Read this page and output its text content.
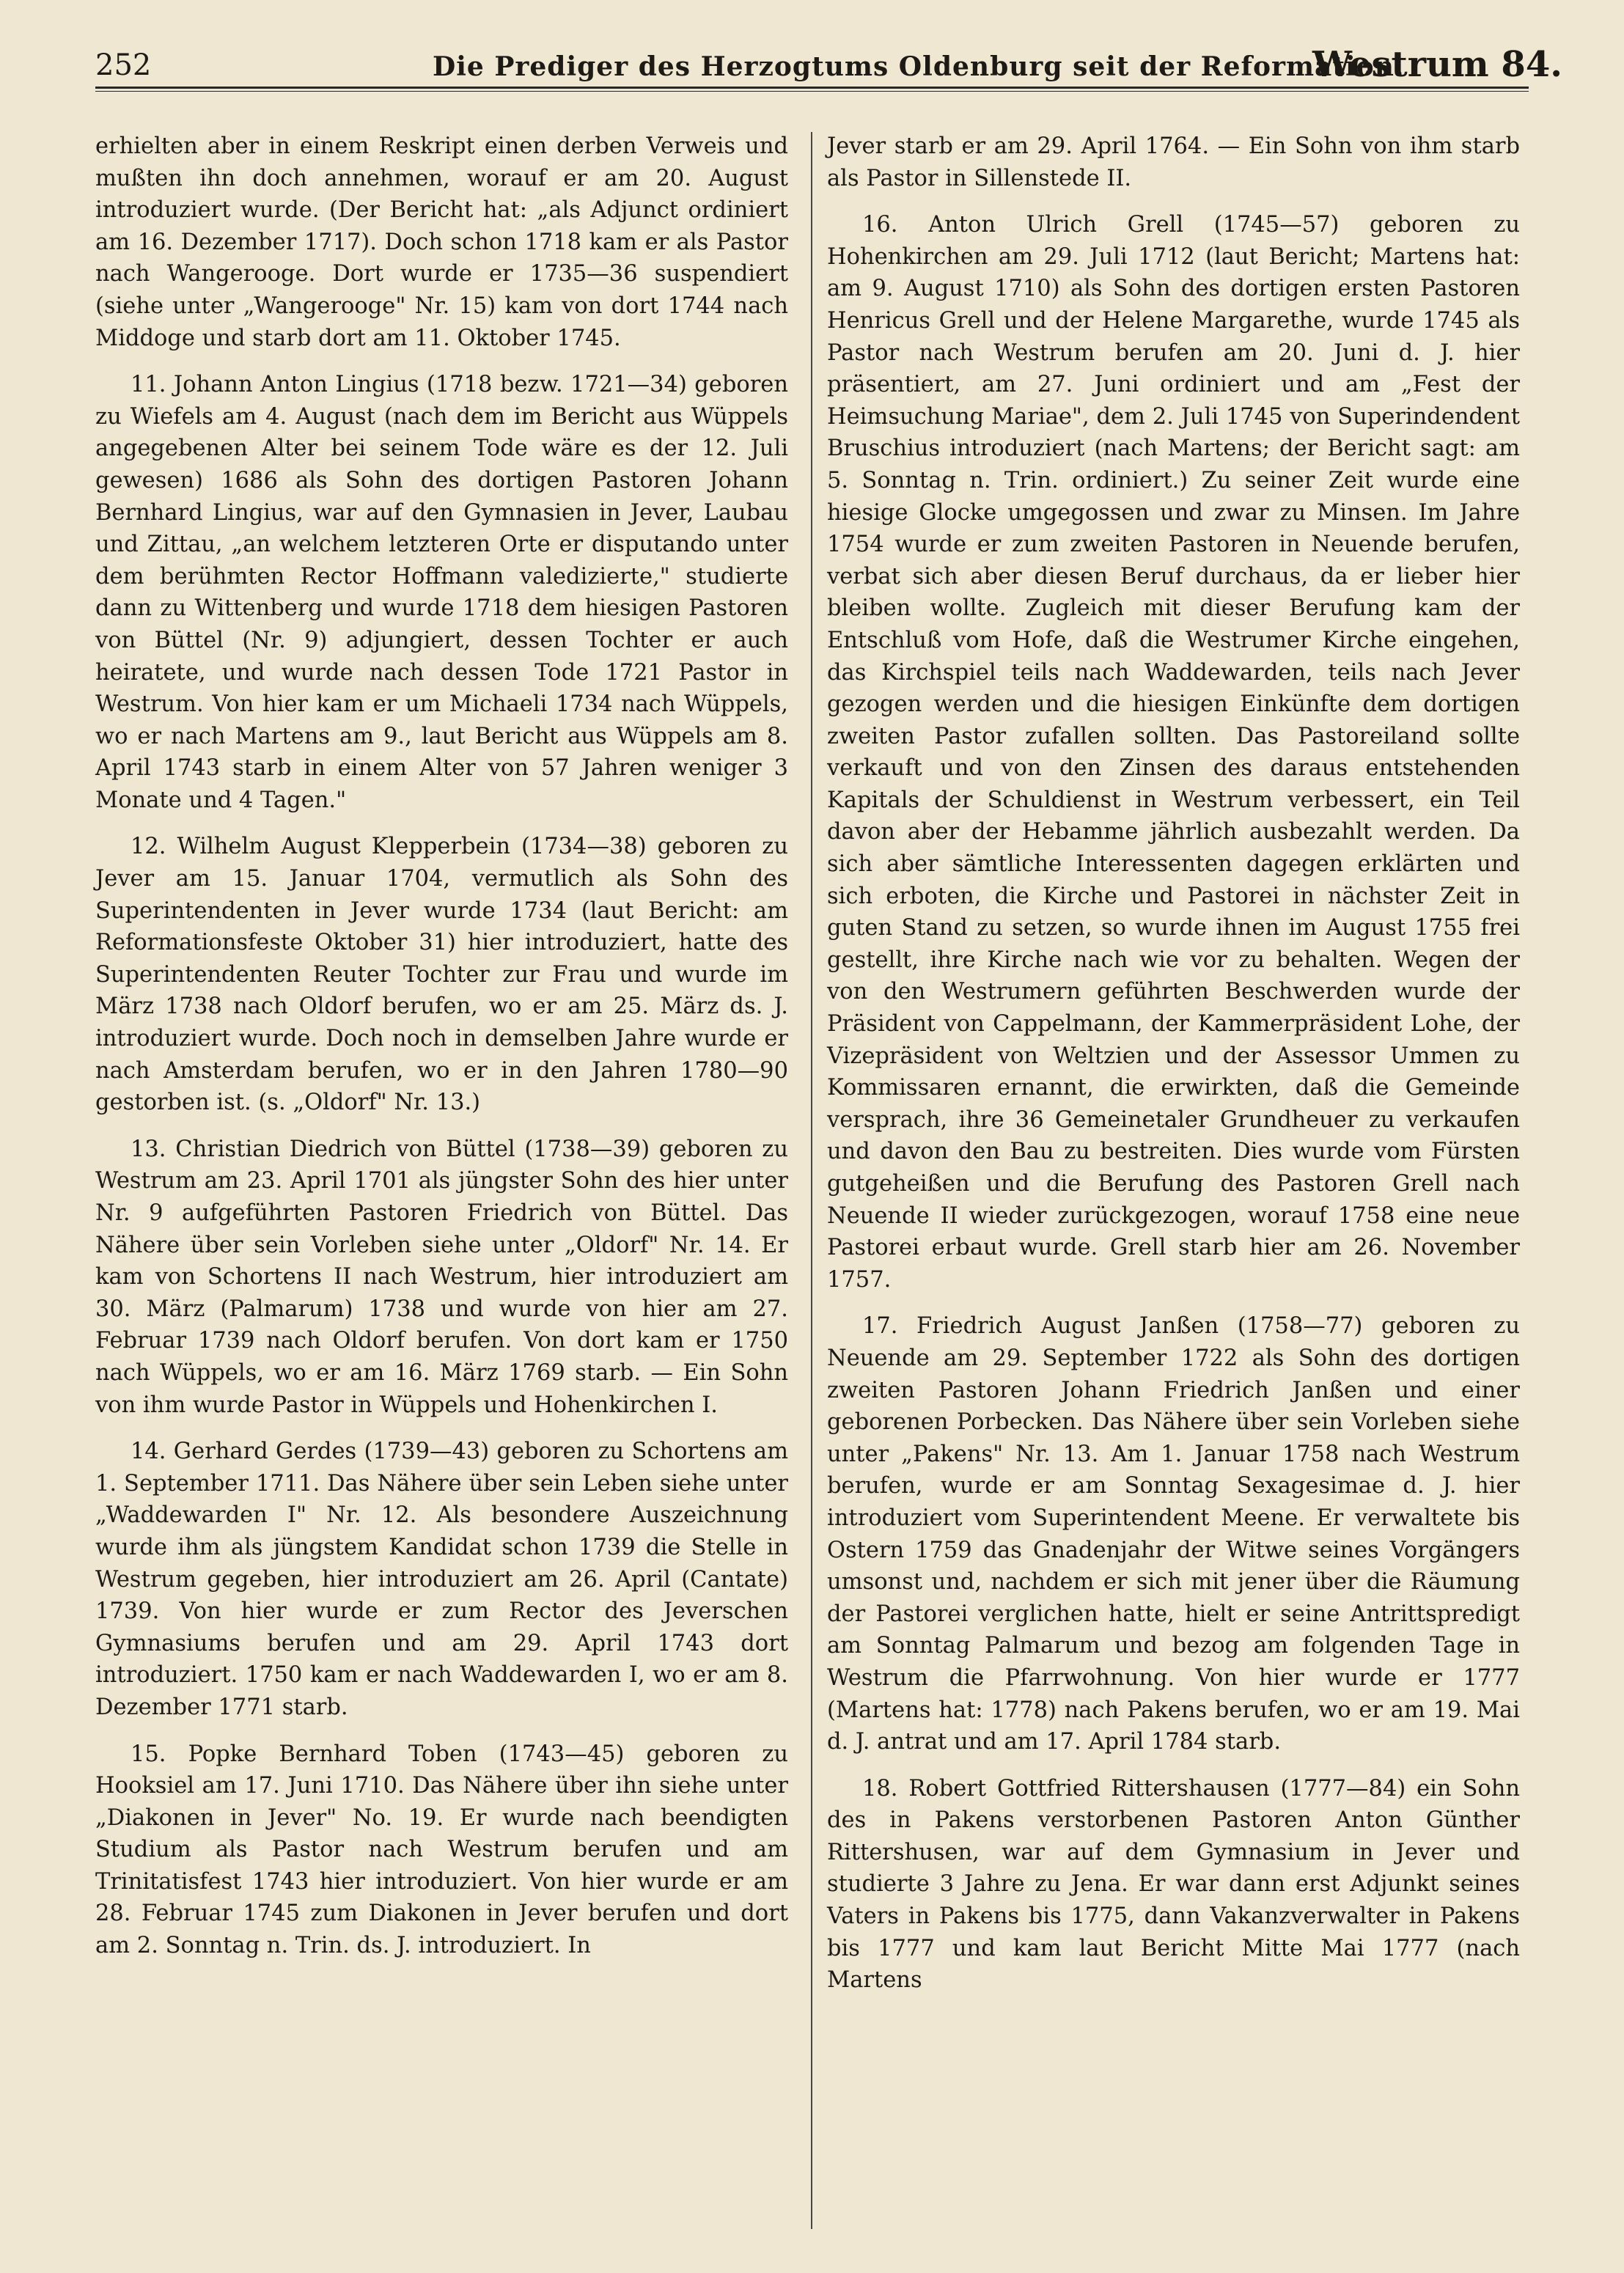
252	Die Prediger des Herzogtums Oldenburg seit der Reformation.
Westrum 84.

erhielten aber in einem Reskript einen derben Verweis und mußten ihn doch annehmen, worauf er am 20. August introduziert wurde. (Der Bericht hat: „als Adjunct ordiniert am 16. Dezember 1717). Doch schon 1718 kam er als Pastor nach Wangerooge. Dort wurde er 1735—36 suspendiert (siehe unter „Wangerooge" Nr. 15) kam von dort 1744 nach Middoge und starb dort am 11. Oktober 1745.

11. Johann Anton Lingius (1718 bezw. 1721—34) geboren zu Wiefels am 4. August (nach dem im Bericht aus Wüppels angegebenen Alter bei seinem Tode wäre es der 12. Juli gewesen) 1686 als Sohn des dortigen Pastoren Johann Bernhard Lingius, war auf den Gymnasien in Jever, Laubau und Zittau, „an welchem letzteren Orte er disputando unter dem berühmten Rector Hoffmann valedizierte," studierte dann zu Wittenberg und wurde 1718 dem hiesigen Pastoren von Büttel (Nr. 9) adjungiert, dessen Tochter er auch heiratete, und wurde nach dessen Tode 1721 Pastor in Westrum. Von hier kam er um Michaeli 1734 nach Wüppels, wo er nach Martens am 9., laut Bericht aus Wüppels am 8. April 1743 starb in einem Alter von 57 Jahren weniger 3 Monate und 4 Tagen."

12. Wilhelm August Klepperbein (1734—38) geboren zu Jever am 15. Januar 1704, vermutlich als Sohn des Superintendenten in Jever wurde 1734 (laut Bericht: am Reformationsfeste Oktober 31) hier introduziert, hatte des Superintendenten Reuter Tochter zur Frau und wurde im März 1738 nach Oldorf berufen, wo er am 25. März ds. J. introduziert wurde. Doch noch in demselben Jahre wurde er nach Amsterdam berufen, wo er in den Jahren 1780—90 gestorben ist. (s. „Oldorf" Nr. 13.)

13. Christian Diedrich von Büttel (1738—39) geboren zu Westrum am 23. April 1701 als jüngster Sohn des hier unter Nr. 9 aufgeführten Pastoren Friedrich von Büttel. Das Nähere über sein Vorleben siehe unter „Oldorf" Nr. 14. Er kam von Schortens II nach Westrum, hier introduziert am 30. März (Palmarum) 1738 und wurde von hier am 27. Februar 1739 nach Oldorf berufen. Von dort kam er 1750 nach Wüppels, wo er am 16. März 1769 starb. — Ein Sohn von ihm wurde Pastor in Wüppels und Hohenkirchen I.

14. Gerhard Gerdes (1739—43) geboren zu Schortens am 1. September 1711. Das Nähere über sein Leben siehe unter „Waddewarden I" Nr. 12. Als besondere Auszeichnung wurde ihm als jüngstem Kandidat schon 1739 die Stelle in Westrum gegeben, hier introduziert am 26. April (Cantate) 1739. Von hier wurde er zum Rector des Jeverschen Gymnasiums berufen und am 29. April 1743 dort introduziert. 1750 kam er nach Waddewarden I, wo er am 8. Dezember 1771 starb.

15. Popke Bernhard Toben (1743—45) geboren zu Hooksiel am 17. Juni 1710. Das Nähere über ihn siehe unter „Diakonen in Jever" No. 19. Er wurde nach beendigten Studium als Pastor nach Westrum berufen und am Trinitatisfest 1743 hier introduziert. Von hier wurde er am 28. Februar 1745 zum Diakonen in Jever berufen und dort am 2. Sonntag n. Trin. ds. J. introduziert. In

Jever starb er am 29. April 1764. — Ein Sohn von ihm starb als Pastor in Sillenstede II.

16. Anton Ulrich Grell (1745—57) geboren zu Hohenkirchen am 29. Juli 1712 (laut Bericht; Martens hat: am 9. August 1710) als Sohn des dortigen ersten Pastoren Henricus Grell und der Helene Margarethe, wurde 1745 als Pastor nach Westrum berufen am 20. Juni d. J. hier präsentiert, am 27. Juni ordiniert und am „Fest der Heimsuchung Mariae", dem 2. Juli 1745 von Superindendent Bruschius introduziert (nach Martens; der Bericht sagt: am 5. Sonntag n. Trin. ordiniert.) Zu seiner Zeit wurde eine hiesige Glocke umgegossen und zwar zu Minsen. Im Jahre 1754 wurde er zum zweiten Pastoren in Neuende berufen, verbat sich aber diesen Beruf durchaus, da er lieber hier bleiben wollte. Zugleich mit dieser Berufung kam der Entschluß vom Hofe, daß die Westrumer Kirche eingehen, das Kirchspiel teils nach Waddewarden, teils nach Jever gezogen werden und die hiesigen Einkünfte dem dortigen zweiten Pastor zufallen sollten. Das Pastoreiland sollte verkauft und von den Zinsen des daraus entstehenden Kapitals der Schuldienst in Westrum verbessert, ein Teil davon aber der Hebamme jährlich ausbezahlt werden. Da sich aber sämtliche Interessenten dagegen erklärten und sich erboten, die Kirche und Pastorei in nächster Zeit in guten Stand zu setzen, so wurde ihnen im August 1755 frei gestellt, ihre Kirche nach wie vor zu behalten. Wegen der von den Westrumern geführten Beschwerden wurde der Präsident von Cappelmann, der Kammerpräsident Lohe, der Vizepräsident von Weltzien und der Assessor Ummen zu Kommissaren ernannt, die erwirkten, daß die Gemeinde versprach, ihre 36 Gemeinetaler Grundheuer zu verkaufen und davon den Bau zu bestreiten. Dies wurde vom Fürsten gutgeheißen und die Berufung des Pastoren Grell nach Neuende II wieder zurückgezogen, worauf 1758 eine neue Pastorei erbaut wurde. Grell starb hier am 26. November 1757.

17. Friedrich August Janßen (1758—77) geboren zu Neuende am 29. September 1722 als Sohn des dortigen zweiten Pastoren Johann Friedrich Janßen und einer geborenen Porbecken. Das Nähere über sein Vorleben siehe unter „Pakens" Nr. 13. Am 1. Januar 1758 nach Westrum berufen, wurde er am Sonntag Sexagesimae d. J. hier introduziert vom Superintendent Meene. Er verwaltete bis Ostern 1759 das Gnadenjahr der Witwe seines Vorgängers umsonst und, nachdem er sich mit jener über die Räumung der Pastorei verglichen hatte, hielt er seine Antrittspredigt am Sonntag Palmarum und bezog am folgenden Tage in Westrum die Pfarrwohnung. Von hier wurde er 1777 (Martens hat: 1778) nach Pakens berufen, wo er am 19. Mai d. J. antrat und am 17. April 1784 starb.

18. Robert Gottfried Rittershausen (1777—84) ein Sohn des in Pakens verstorbenen Pastoren Anton Günther Rittershusen, war auf dem Gymnasium in Jever und studierte 3 Jahre zu Jena. Er war dann erst Adjunkt seines Vaters in Pakens bis 1775, dann Vakanzverwalter in Pakens bis 1777 und kam laut Bericht Mitte Mai 1777 (nach Martens
